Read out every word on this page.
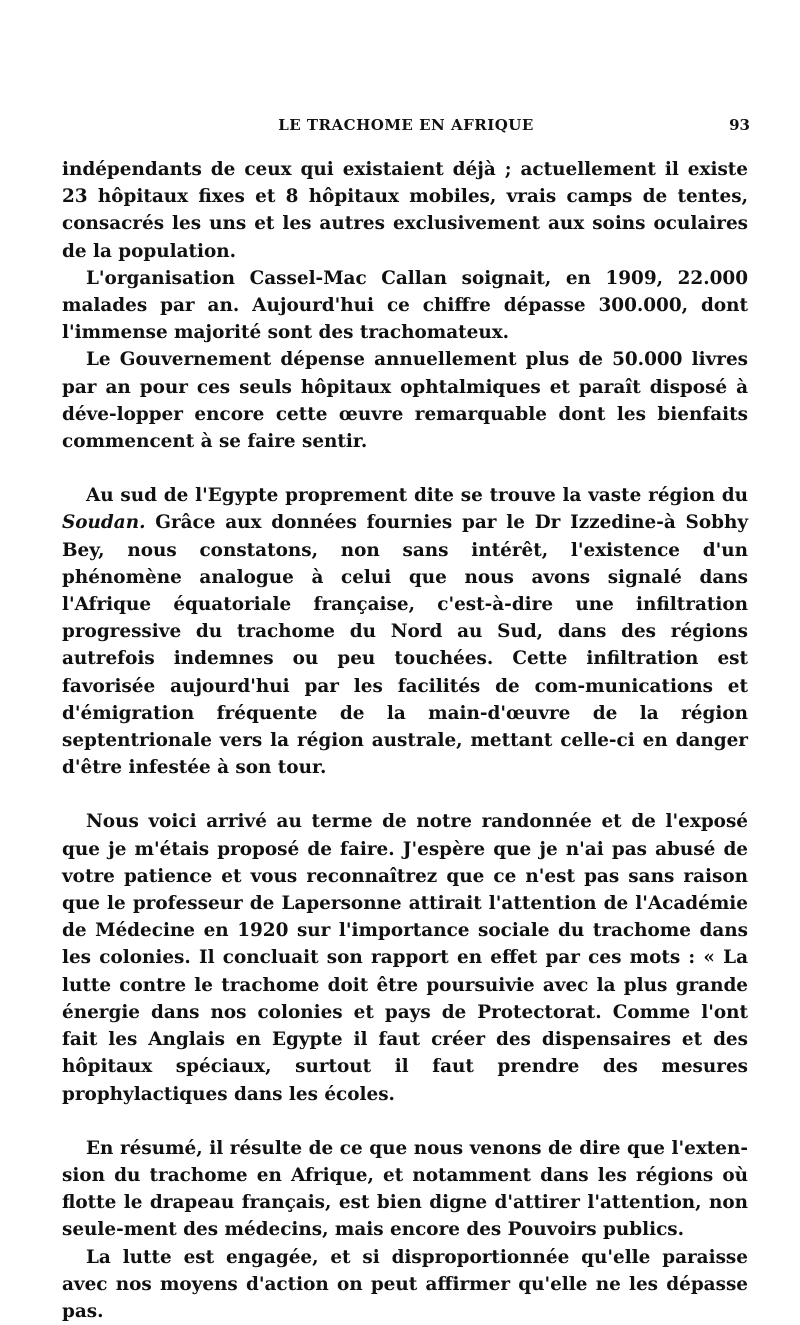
LE TRACHOME EN AFRIQUE	93

indépendants de ceux qui existaient déjà ; actuellement il existe 23 hôpitaux fixes et 8 hôpitaux mobiles, vrais camps de tentes, consacrés les uns et les autres exclusivement aux soins oculaires de la population.

L'organisation Cassel-Mac Callan soignait, en 1909, 22.000 malades par an. Aujourd'hui ce chiffre dépasse 300.000, dont l'immense majorité sont des trachomateux.

Le Gouvernement dépense annuellement plus de 50.000 livres par an pour ces seuls hôpitaux ophtalmiques et paraît disposé à déve-lopper encore cette œuvre remarquable dont les bienfaits commencent à se faire sentir.

Au sud de l'Egypte proprement dite se trouve la vaste région du Soudan. Grâce aux données fournies par le Dr Izzedine-à Sobhy Bey, nous constatons, non sans intérêt, l'existence d'un phénomène analogue à celui que nous avons signalé dans l'Afrique équatoriale française, c'est-à-dire une infiltration progressive du trachome du Nord au Sud, dans des régions autrefois indemnes ou peu touchées. Cette infiltration est favorisée aujourd'hui par les facilités de com-munications et d'émigration fréquente de la main-d'œuvre de la région septentrionale vers la région australe, mettant celle-ci en danger d'être infestée à son tour.

Nous voici arrivé au terme de notre randonnée et de l'exposé que je m'étais proposé de faire. J'espère que je n'ai pas abusé de votre patience et vous reconnaîtrez que ce n'est pas sans raison que le professeur de Lapersonne attirait l'attention de l'Académie de Médecine en 1920 sur l'importance sociale du trachome dans les colonies. Il concluait son rapport en effet par ces mots : « La lutte contre le trachome doit être poursuivie avec la plus grande énergie dans nos colonies et pays de Protectorat. Comme l'ont fait les Anglais en Egypte il faut créer des dispensaires et des hôpitaux spéciaux, surtout il faut prendre des mesures prophylactiques dans les écoles.

En résumé, il résulte de ce que nous venons de dire que l'exten-sion du trachome en Afrique, et notamment dans les régions où flotte le drapeau français, est bien digne d'attirer l'attention, non seule-ment des médecins, mais encore des Pouvoirs publics.

La lutte est engagée, et si disproportionnée qu'elle paraisse avec nos moyens d'action on peut affirmer qu'elle ne les dépasse pas.
